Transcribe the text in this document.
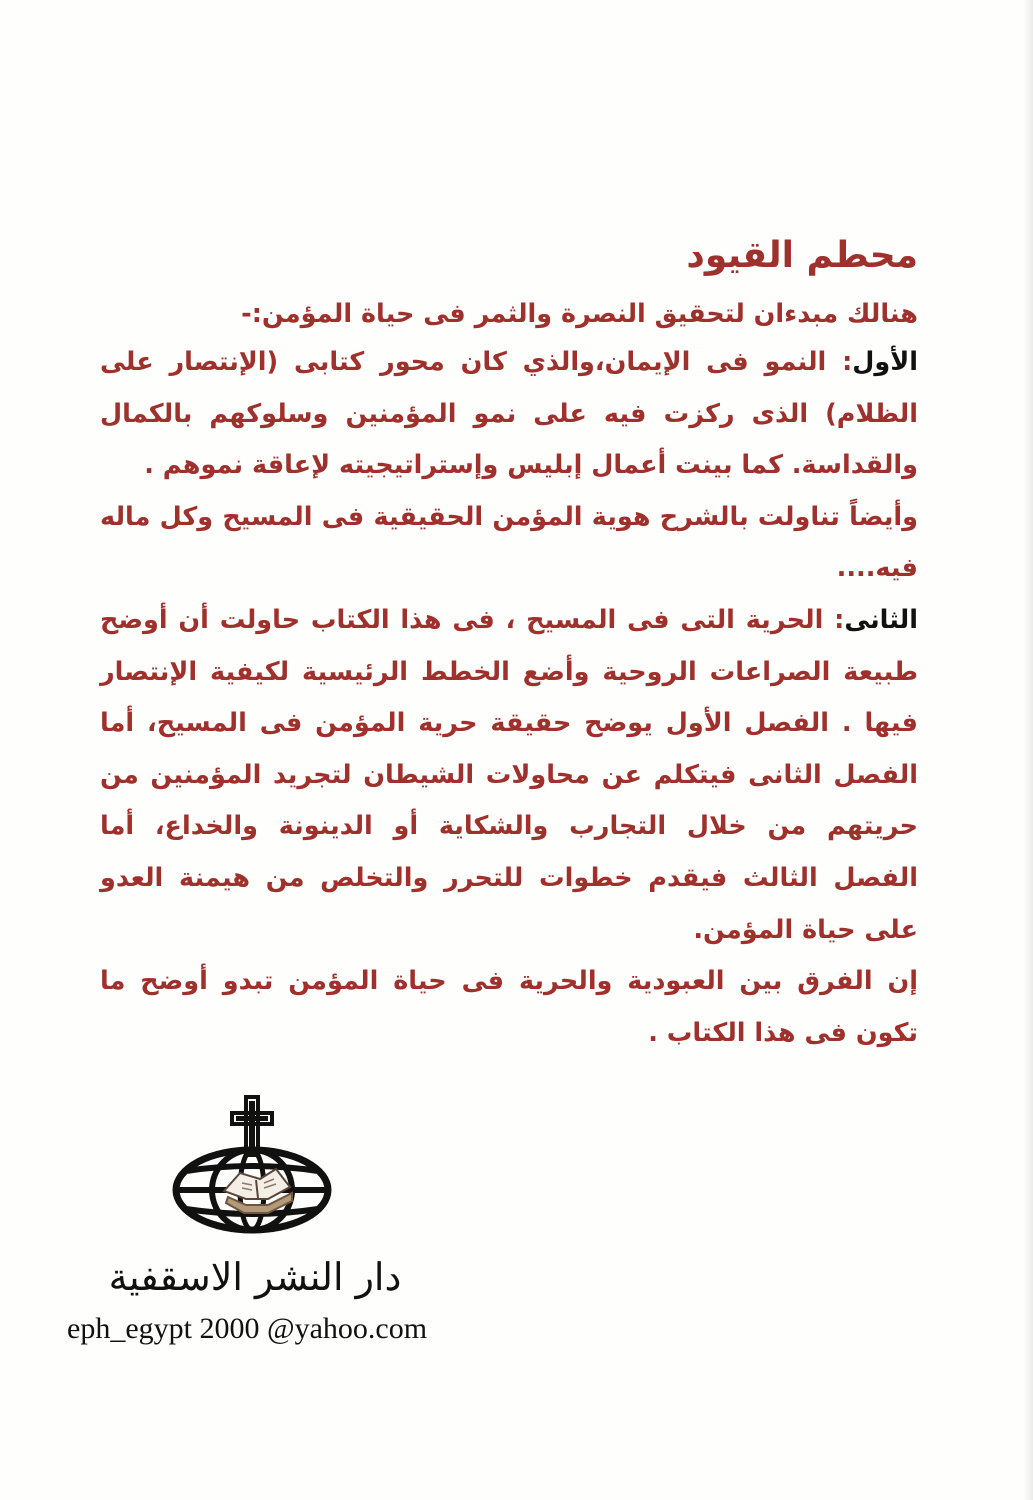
محطم القيود
هنالك مبدءان لتحقيق النصرة والثمر فى حياة المؤمن:-
الأول: النمو فى الإيمان،والذي كان محور كتابى (الإنتصار على
الظلام) الذى ركزت فيه على نمو المؤمنين وسلوكهم بالكمال
والقداسة. كما بينت أعمال إبليس وإستراتيجيته لإعاقة نموهم .
وأيضاً تناولت بالشرح هوية المؤمن الحقيقية فى المسيح وكل ماله
فيه....
الثانى: الحرية التى فى المسيح ، فى هذا الكتاب حاولت أن أوضح
طبيعة الصراعات الروحية وأضع الخطط الرئيسية لكيفية الإنتصار
فيها . الفصل الأول يوضح حقيقة حرية المؤمن فى المسيح، أما
الفصل الثانى فيتكلم عن محاولات الشيطان لتجريد المؤمنين من
حريتهم من خلال التجارب والشكاية أو الدينونة والخداع، أما
الفصل الثالث فيقدم خطوات للتحرر والتخلص من هيمنة العدو
على حياة المؤمن.
إن الفرق بين العبودية والحرية فى حياة المؤمن تبدو أوضح ما
تكون فى هذا الكتاب .
دار النشر الاسقفية
eph_egypt 2000 @yahoo.com
